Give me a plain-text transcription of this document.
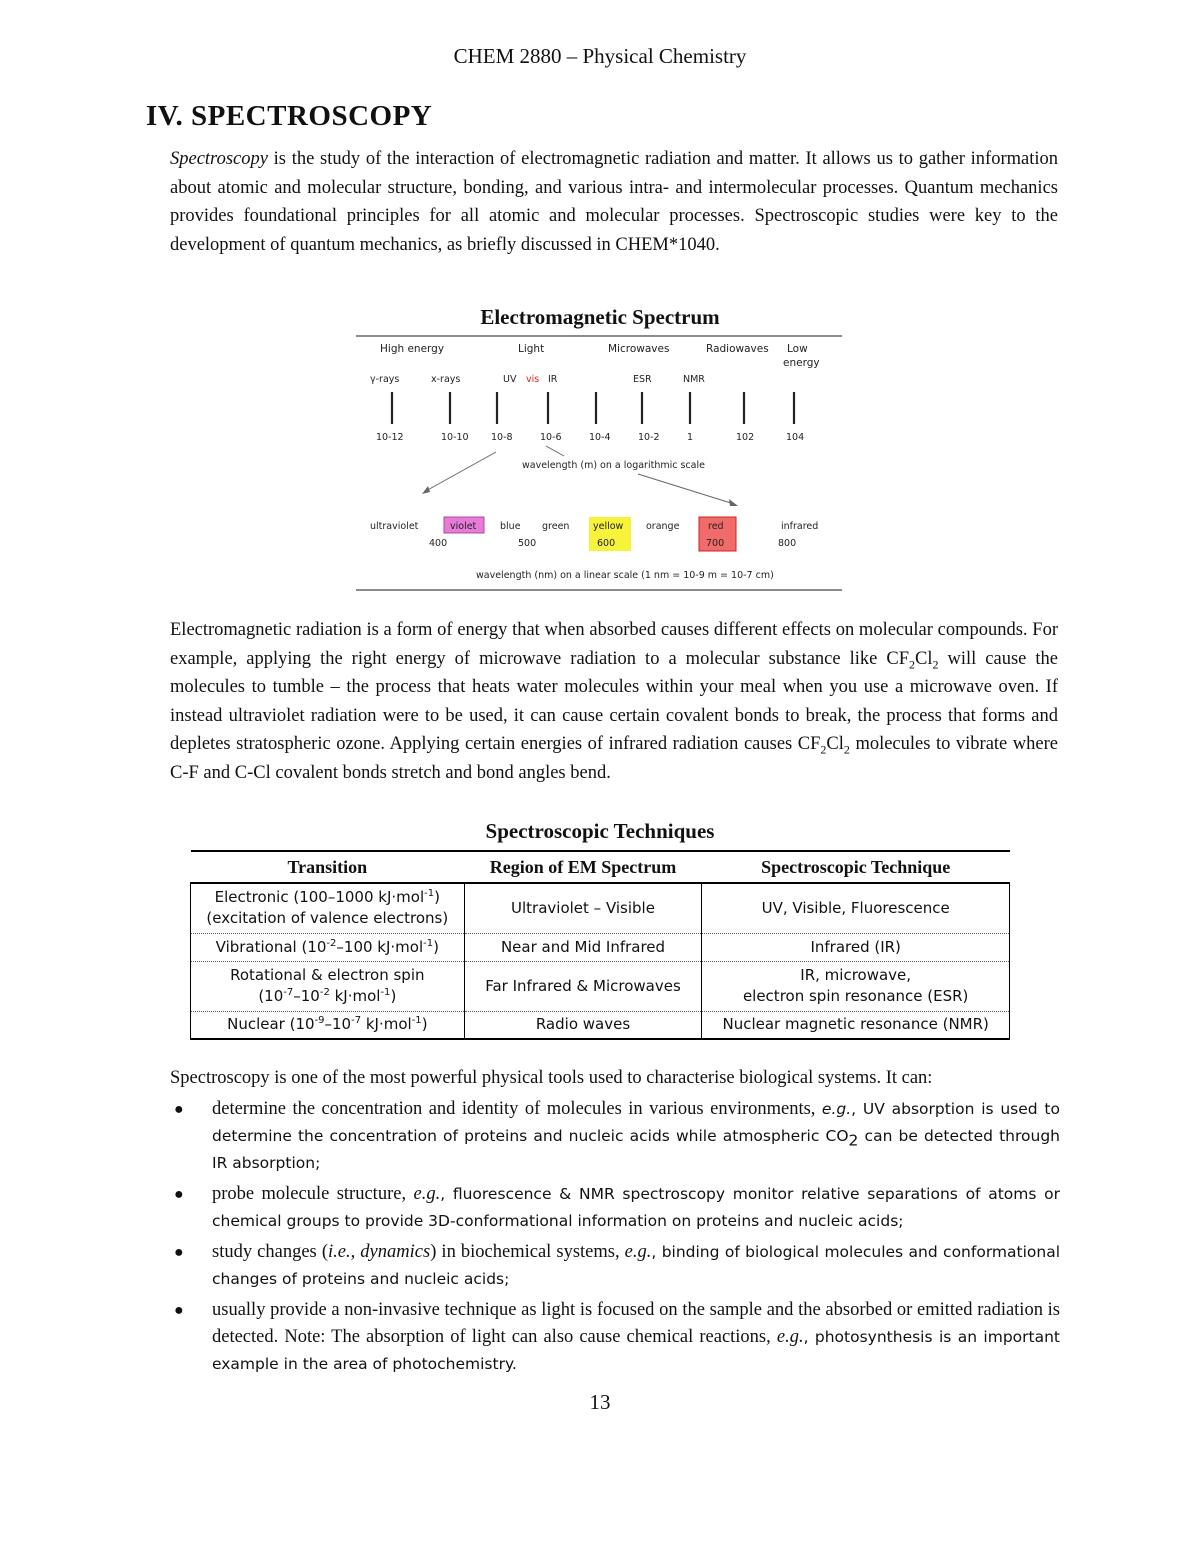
CHEM 2880 – Physical Chemistry
IV. SPECTROSCOPY
Spectroscopy is the study of the interaction of electromagnetic radiation and matter. It allows us to gather information about atomic and molecular structure, bonding, and various intra- and intermolecular processes. Quantum mechanics provides foundational principles for all atomic and molecular processes. Spectroscopic studies were key to the development of quantum mechanics, as briefly discussed in CHEM*1040.
Electromagnetic Spectrum
High energy	Light	Microwaves	Radiowaves Low
energy
γ-rays	x-rays	UV vis IR	ESR	NMR
10-12	10-10 10-8	10-6	10-4	10-2	1	102	104
wavelength (m) on a logarithmic scale
ultraviolet	violet blue green yellow orange	red	infrared
400	500	600	700	800
wavelength (nm) on a linear scale (1 nm = 10-9 m = 10-7 cm)
Electromagnetic radiation is a form of energy that when absorbed causes different effects on molecular compounds. For example, applying the right energy of microwave radiation to a molecular substance like $CF_2Cl_2$ will cause the molecules to tumble – the process that heats water molecules within your meal when you use a microwave oven. If instead ultraviolet radiation were to be used, it can cause certain covalent bonds to break, the process that forms and depletes stratospheric ozone. Applying certain energies of infrared radiation causes $CF_2Cl_2$ molecules to vibrate where C-F and C-Cl covalent bonds stretch and bond angles bend.
Spectroscopic Techniques
Transition	Region of EM Spectrum	Spectroscopic Technique
Electronic (100–1000 kJ·mol$^{-1}$)
(excitation of valence electrons)	Ultraviolet – Visible	UV, Visible, Fluorescence
Vibrational ($10^{-2}-100$ kJ·mol$^{-1}$)	Near and Mid Infrared	Infrared (IR)
Rotational & electron spin
($10^{-7}-10^{-2}$ kJ·mol$^{-1}$)	Far Infrared & Microwaves	IR, microwave,
electron spin resonance (ESR)
Nuclear ($10^{-9}-10^{-7}$ kJ·mol$^{-1}$)	Radio waves	Nuclear magnetic resonance (NMR)
Spectroscopy is one of the most powerful physical tools used to characterise biological systems. It can:
● determine the concentration and identity of molecules in various environments, e.g., UV absorption is used to determine the concentration of proteins and nucleic acids while atmospheric $CO_2$ can be detected through IR absorption;
● probe molecule structure, e.g., fluorescence & NMR spectroscopy monitor relative separations of atoms or chemical groups to provide 3D-conformational information on proteins and nucleic acids;
● study changes (i.e., dynamics) in biochemical systems, e.g., binding of biological molecules and conformational changes of proteins and nucleic acids;
● usually provide a non-invasive technique as light is focused on the sample and the absorbed or emitted radiation is detected. Note: The absorption of light can also cause chemical reactions, e.g., photosynthesis is an important example in the area of photochemistry.
13
